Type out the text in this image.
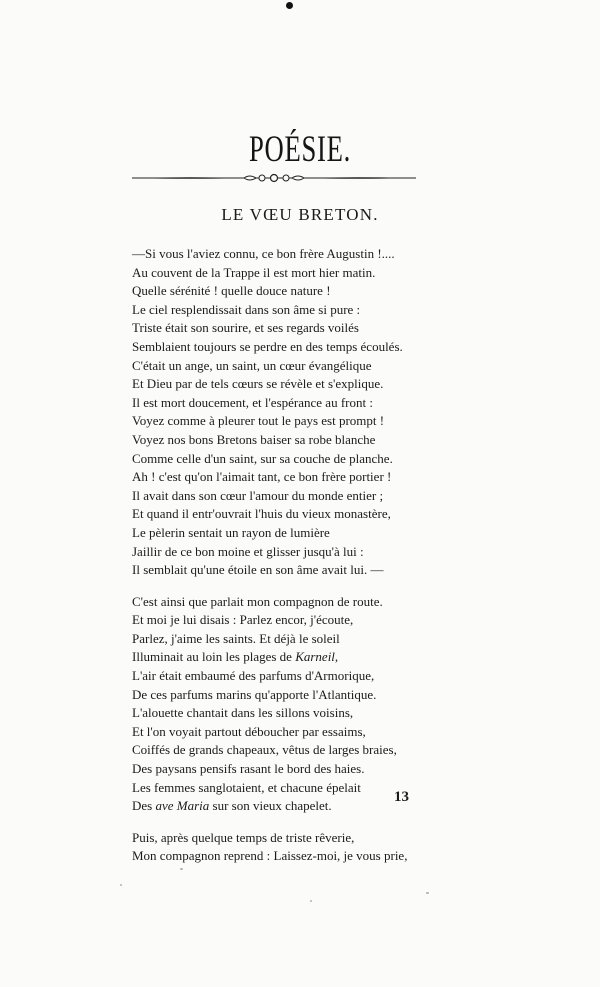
POÉSIE.
LE VŒU BRETON.
—Si vous l'aviez connu, ce bon frère Augustin !....
Au couvent de la Trappe il est mort hier matin.
Quelle sérénité ! quelle douce nature !
Le ciel resplendissait dans son âme si pure :
Triste était son sourire, et ses regards voilés
Semblaient toujours se perdre en des temps écoulés.
C'était un ange, un saint, un cœur évangélique
Et Dieu par de tels cœurs se révèle et s'explique.
Il est mort doucement, et l'espérance au front :
Voyez comme à pleurer tout le pays est prompt !
Voyez nos bons Bretons baiser sa robe blanche
Comme celle d'un saint, sur sa couche de planche.
Ah ! c'est qu'on l'aimait tant, ce bon frère portier !
Il avait dans son cœur l'amour du monde entier ;
Et quand il entr'ouvrait l'huis du vieux monastère,
Le pèlerin sentait un rayon de lumière
Jaillir de ce bon moine et glisser jusqu'à lui :
Il semblait qu'une étoile en son âme avait lui. —
C'est ainsi que parlait mon compagnon de route.
Et moi je lui disais : Parlez encor, j'écoute,
Parlez, j'aime les saints. Et déjà le soleil
Illuminait au loin les plages de Karneil,
L'air était embaumé des parfums d'Armorique,
De ces parfums marins qu'apporte l'Atlantique.
L'alouette chantait dans les sillons voisins,
Et l'on voyait partout déboucher par essaims,
Coiffés de grands chapeaux, vêtus de larges braies,
Des paysans pensifs rasant le bord des haies.
Les femmes sanglotaient, et chacune épelait
Des ave Maria sur son vieux chapelet.
Puis, après quelque temps de triste rêverie,
Mon compagnon reprend : Laissez-moi, je vous prie,
13
